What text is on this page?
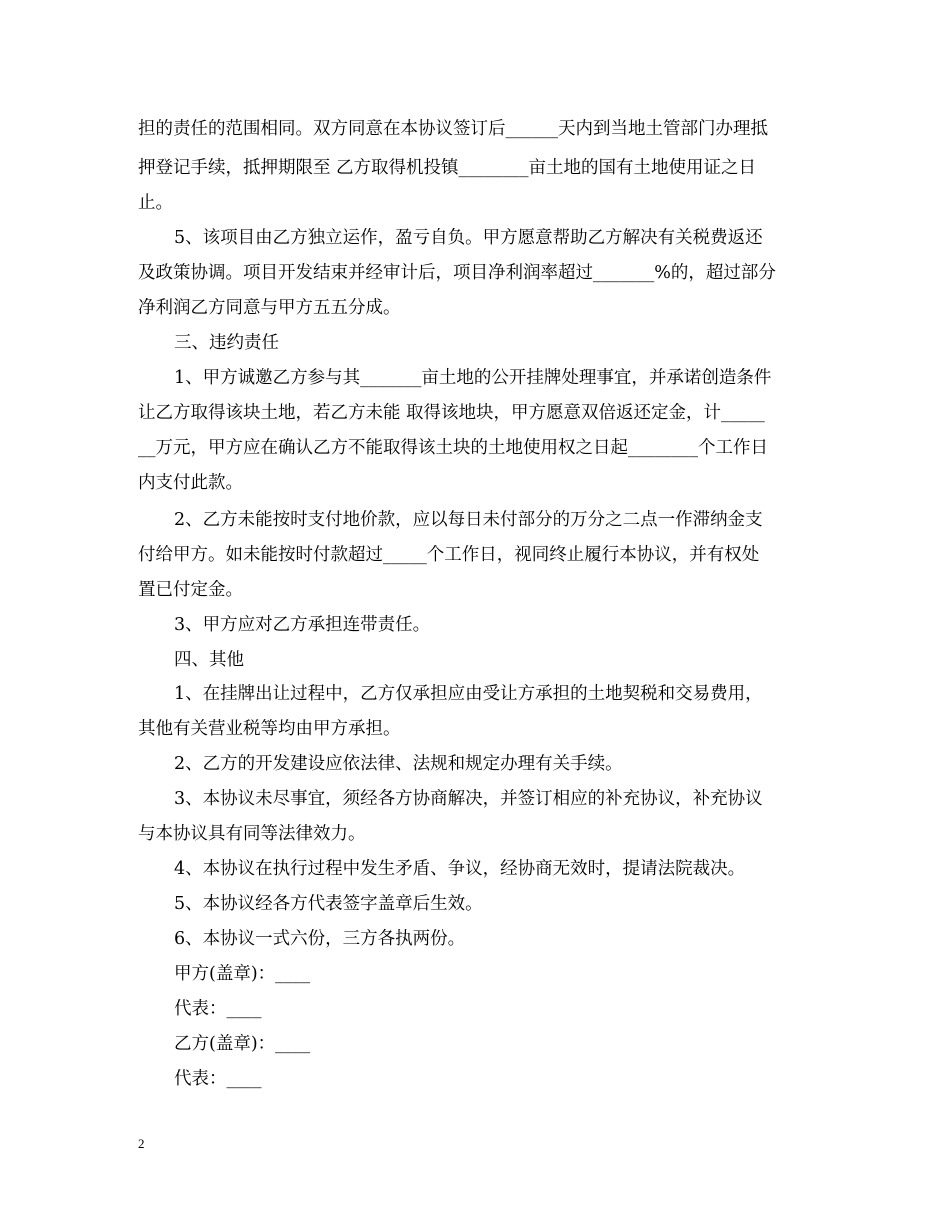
担的责任的范围相同。双方同意在本协议签订后______天内到当地土管部门办理抵
押登记手续，抵押期限至 乙方取得机投镇________亩土地的国有土地使用证之日
止。
5、该项目由乙方独立运作，盈亏自负。甲方愿意帮助乙方解决有关税费返还
及政策协调。项目开发结束并经审计后，项目净利润率超过_______%的，超过部分
净利润乙方同意与甲方五五分成。
三、违约责任
1、甲方诚邀乙方参与其_______亩土地的公开挂牌处理事宜，并承诺创造条件
让乙方取得该块土地，若乙方未能 取得该地块，甲方愿意双倍返还定金，计_____
__万元，甲方应在确认乙方不能取得该土块的土地使用权之日起________个工作日
内支付此款。
2、乙方未能按时支付地价款，应以每日未付部分的万分之二点一作滞纳金支
付给甲方。如未能按时付款超过_____个工作日，视同终止履行本协议，并有权处
置已付定金。
3、甲方应对乙方承担连带责任。
四、其他
1、在挂牌出让过程中，乙方仅承担应由受让方承担的土地契税和交易费用，
其他有关营业税等均由甲方承担。
2、乙方的开发建设应依法律、法规和规定办理有关手续。
3、本协议未尽事宜，须经各方协商解决，并签订相应的补充协议，补充协议
与本协议具有同等法律效力。
4、本协议在执行过程中发生矛盾、争议，经协商无效时，提请法院裁决。
5、本协议经各方代表签字盖章后生效。
6、本协议一式六份，三方各执两份。
甲方(盖章)：____
代表：____
乙方(盖章)：____
代表：____
2
